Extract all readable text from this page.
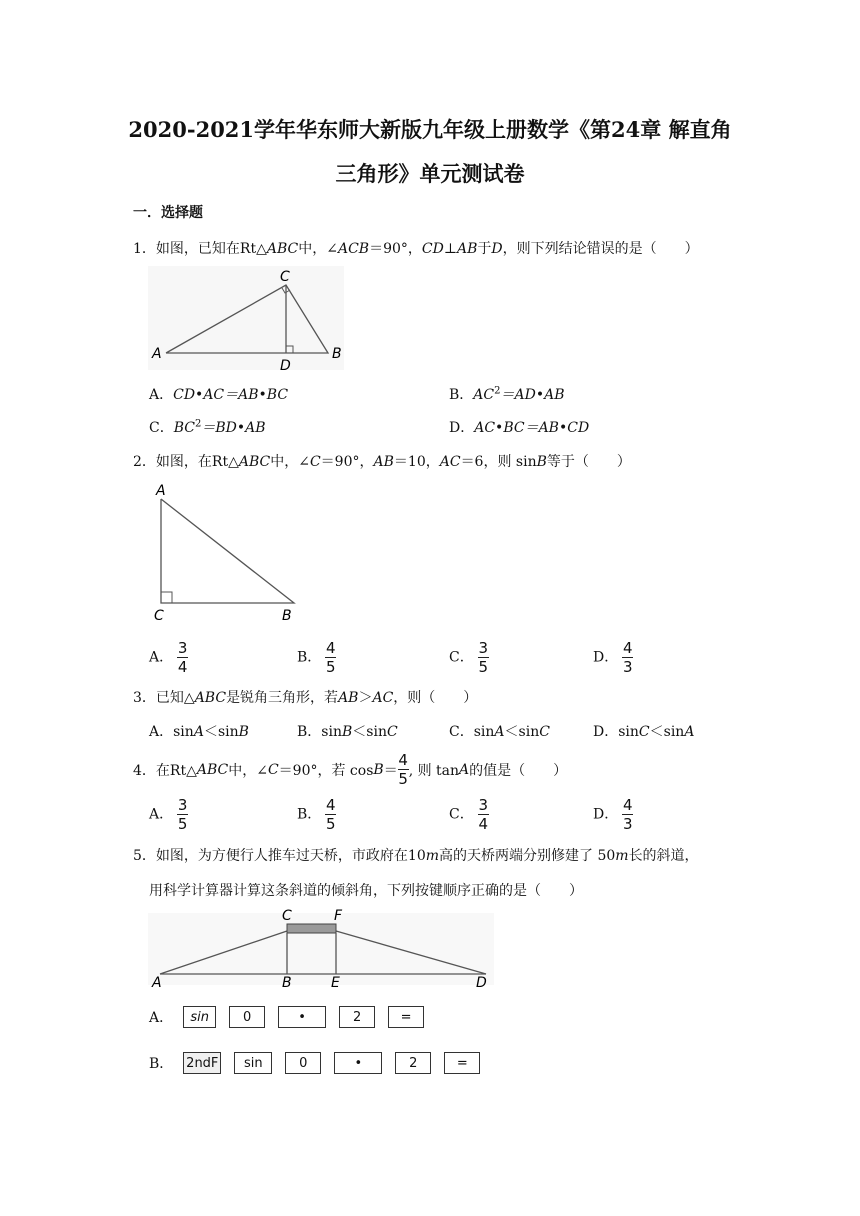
2020-2021学年华东师大新版九年级上册数学《第24章 解直角
三角形》单元测试卷
一．选择题
1．如图，已知在Rt△ABC中，∠ACB＝90°，CD⊥AB于D，则下列结论错误的是（　　）
A
C
D
B
A．CD•AC＝AB•BC	B．$AC^2=AD•AB$
C．$BC^2=BD•AB$	D．AC•BC＝AB•CD
2．如图，在Rt△ABC中，∠C＝90°，AB＝10，AC＝6，则 sinB等于（　　）
A
C	B
A． $\frac{3}{4}$	B． $\frac{4}{5}$	C． $\frac{3}{5}$	D． $\frac{4}{3}$
3．已知△ABC是锐角三角形，若AB＞AC，则（　　）
A．sinA＜sinB	B．sinB＜sinC	C．sinA＜sinC	D．sinC＜sinA
4．在Rt△ ABC 中，∠ C ＝90°，若 $\cos B = \frac{4}{5}$ , 则 tan A 的值是（　　）
A． $\frac{3}{5}$	B． $\frac{4}{5}$	C． $\frac{3}{4}$	D． $\frac{4}{3}$
5．如图，为方便行人推车过天桥，市政府在10m高的天桥两端分别修建了 50m长的斜道，
用科学计算器计算这条斜道的倾斜角，下列按键顺序正确的是（　　）
C	F
A	B	E	D
A．	sin	0	•	2	=
B． 2ndF	sin	0	•	2	=
